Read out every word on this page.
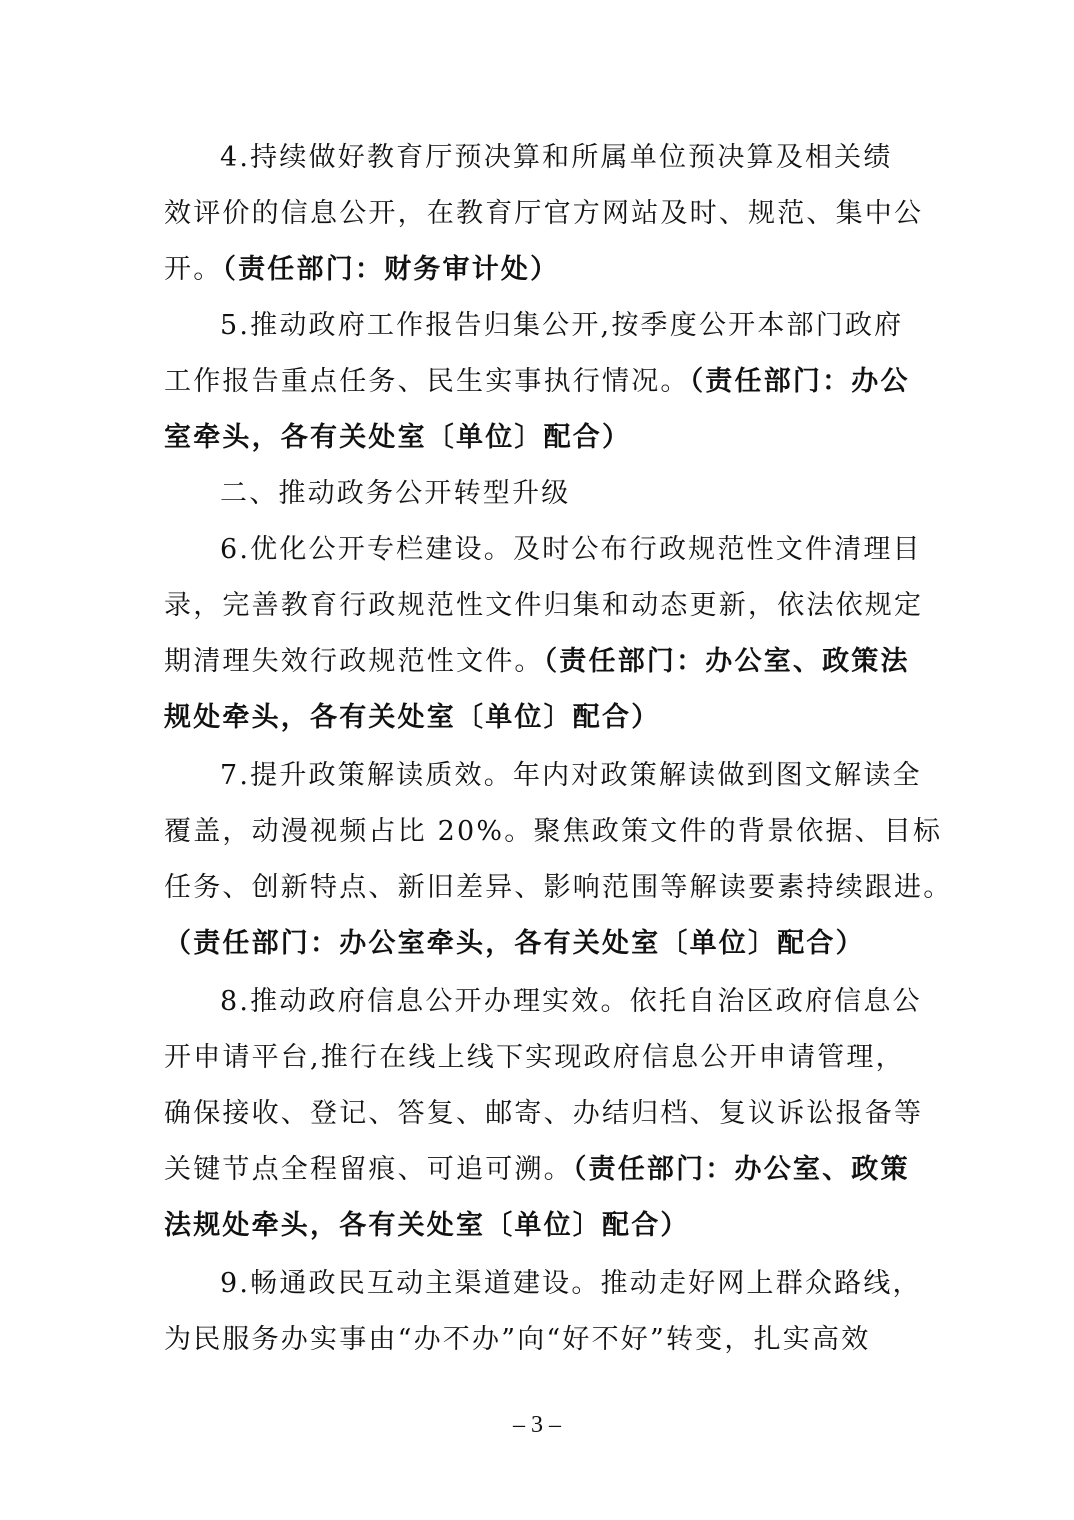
4.持续做好教育厅预决算和所属单位预决算及相关绩
效评价的信息公开，在教育厅官方网站及时、规范、集中公
开。（责任部门：财务审计处）
5.推动政府工作报告归集公开,按季度公开本部门政府
工作报告重点任务、民生实事执行情况。（责任部门：办公
室牵头，各有关处室〔单位〕配合）
二、推动政务公开转型升级
6.优化公开专栏建设。及时公布行政规范性文件清理目
录，完善教育行政规范性文件归集和动态更新，依法依规定
期清理失效行政规范性文件。（责任部门：办公室、政策法
规处牵头，各有关处室〔单位〕配合）
7.提升政策解读质效。年内对政策解读做到图文解读全
覆盖，动漫视频占比 20%。聚焦政策文件的背景依据、目标
任务、创新特点、新旧差异、影响范围等解读要素持续跟进。
（责任部门：办公室牵头，各有关处室〔单位〕配合）
8.推动政府信息公开办理实效。依托自治区政府信息公
开申请平台,推行在线上线下实现政府信息公开申请管理，
确保接收、登记、答复、邮寄、办结归档、复议诉讼报备等
关键节点全程留痕、可追可溯。（责任部门：办公室、政策
法规处牵头，各有关处室〔单位〕配合）
9.畅通政民互动主渠道建设。推动走好网上群众路线，
为民服务办实事由“办不办”向“好不好”转变，扎实高效
– 3 –
